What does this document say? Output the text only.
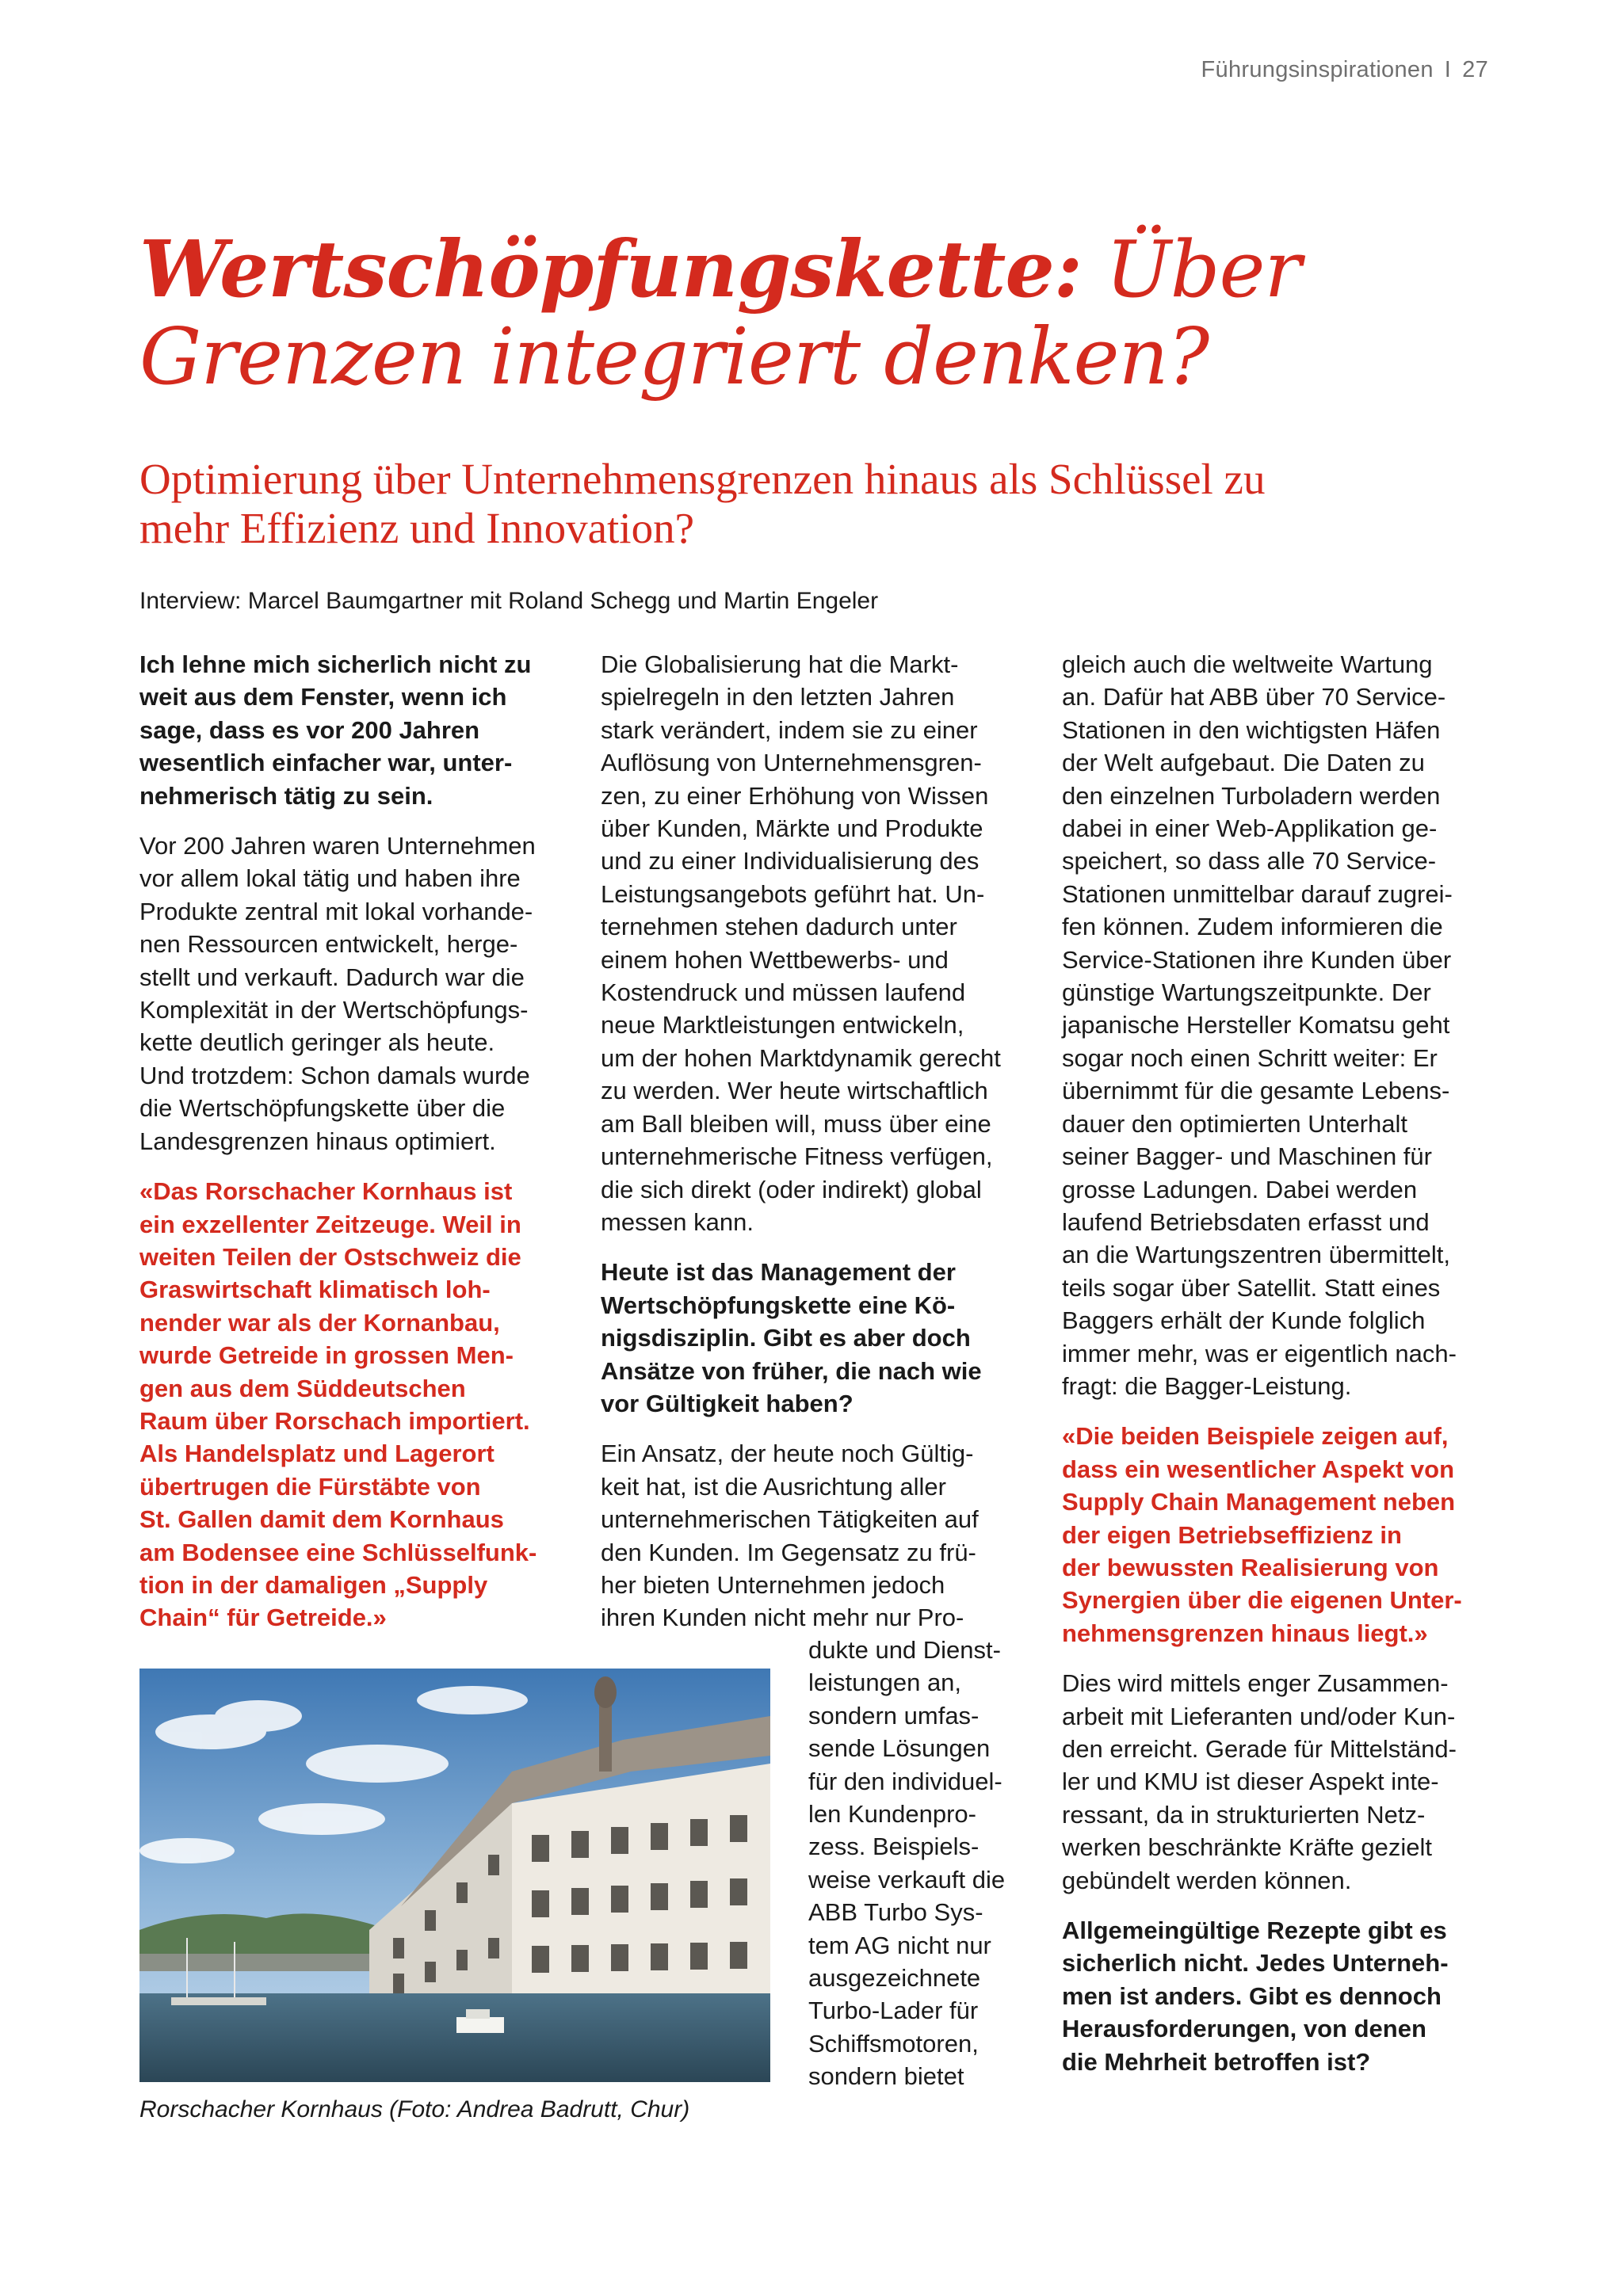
Führungsinspirationen I 27
Wertschöpfungskette: Über
Grenzen integriert denken?
Optimierung über Unternehmensgrenzen hinaus als Schlüssel zu
mehr Effizienz und Innovation?
Interview: Marcel Baumgartner mit Roland Schegg und Martin Engeler
Ich lehne mich sicherlich nicht zu
weit aus dem Fenster, wenn ich
sage, dass es vor 200 Jahren
wesentlich einfacher war, unter-
nehmerisch tätig zu sein.
Vor 200 Jahren waren Unternehmen
vor allem lokal tätig und haben ihre
Produkte zentral mit lokal vorhande-
nen Ressourcen entwickelt, herge-
stellt und verkauft. Dadurch war die
Komplexität in der Wertschöpfungs-
kette deutlich geringer als heute.
Und trotzdem: Schon damals wurde
die Wertschöpfungskette über die
Landesgrenzen hinaus optimiert.
«Das Rorschacher Kornhaus ist
ein exzellenter Zeitzeuge. Weil in
weiten Teilen der Ostschweiz die
Graswirtschaft klimatisch loh-
nender war als der Kornanbau,
wurde Getreide in grossen Men-
gen aus dem Süddeutschen
Raum über Rorschach importiert.
Als Handelsplatz und Lagerort
übertrugen die Fürstäbte von
St. Gallen damit dem Kornhaus
am Bodensee eine Schlüsselfunk-
tion in der damaligen „Supply
Chain“ für Getreide.»
Die Globalisierung hat die Markt-
spielregeln in den letzten Jahren
stark verändert, indem sie zu einer
Auflösung von Unternehmensgren-
zen, zu einer Erhöhung von Wissen
über Kunden, Märkte und Produkte
und zu einer Individualisierung des
Leistungsangebots geführt hat. Un-
ternehmen stehen dadurch unter
einem hohen Wettbewerbs- und
Kostendruck und müssen laufend
neue Marktleistungen entwickeln,
um der hohen Marktdynamik gerecht
zu werden. Wer heute wirtschaftlich
am Ball bleiben will, muss über eine
unternehmerische Fitness verfügen,
die sich direkt (oder indirekt) global
messen kann.
Heute ist das Management der
Wertschöpfungskette eine Kö-
nigsdisziplin. Gibt es aber doch
Ansätze von früher, die nach wie
vor Gültigkeit haben?
Ein Ansatz, der heute noch Gültig-
keit hat, ist die Ausrichtung aller
unternehmerischen Tätigkeiten auf
den Kunden. Im Gegensatz zu frü-
her bieten Unternehmen jedoch
ihren Kunden nicht mehr nur Pro-
dukte und Dienst-
leistungen an,
sondern umfas-
sende Lösungen
für den individuel-
len Kundenpro-
zess. Beispiels-
weise verkauft die
ABB Turbo Sys-
tem AG nicht nur
ausgezeichnete
Turbo-Lader für
Schiffsmotoren,
sondern bietet
gleich auch die weltweite Wartung
an. Dafür hat ABB über 70 Service-
Stationen in den wichtigsten Häfen
der Welt aufgebaut. Die Daten zu
den einzelnen Turboladern werden
dabei in einer Web-Applikation ge-
speichert, so dass alle 70 Service-
Stationen unmittelbar darauf zugrei-
fen können. Zudem informieren die
Service-Stationen ihre Kunden über
günstige Wartungszeitpunkte. Der
japanische Hersteller Komatsu geht
sogar noch einen Schritt weiter: Er
übernimmt für die gesamte Lebens-
dauer den optimierten Unterhalt
seiner Bagger- und Maschinen für
grosse Ladungen. Dabei werden
laufend Betriebsdaten erfasst und
an die Wartungszentren übermittelt,
teils sogar über Satellit. Statt eines
Baggers erhält der Kunde folglich
immer mehr, was er eigentlich nach-
fragt: die Bagger-Leistung.
«Die beiden Beispiele zeigen auf,
dass ein wesentlicher Aspekt von
Supply Chain Management neben
der eigen Betriebseffizienz in
der bewussten Realisierung von
Synergien über die eigenen Unter-
nehmensgrenzen hinaus liegt.»
Dies wird mittels enger Zusammen-
arbeit mit Lieferanten und/oder Kun-
den erreicht. Gerade für Mittelständ-
ler und KMU ist dieser Aspekt inte-
ressant, da in strukturierten Netz-
werken beschränkte Kräfte gezielt
gebündelt werden können.
Allgemeingültige Rezepte gibt es
sicherlich nicht. Jedes Unterneh-
men ist anders. Gibt es dennoch
Herausforderungen, von denen
die Mehrheit betroffen ist?
Rorschacher Kornhaus (Foto: Andrea Badrutt, Chur)
